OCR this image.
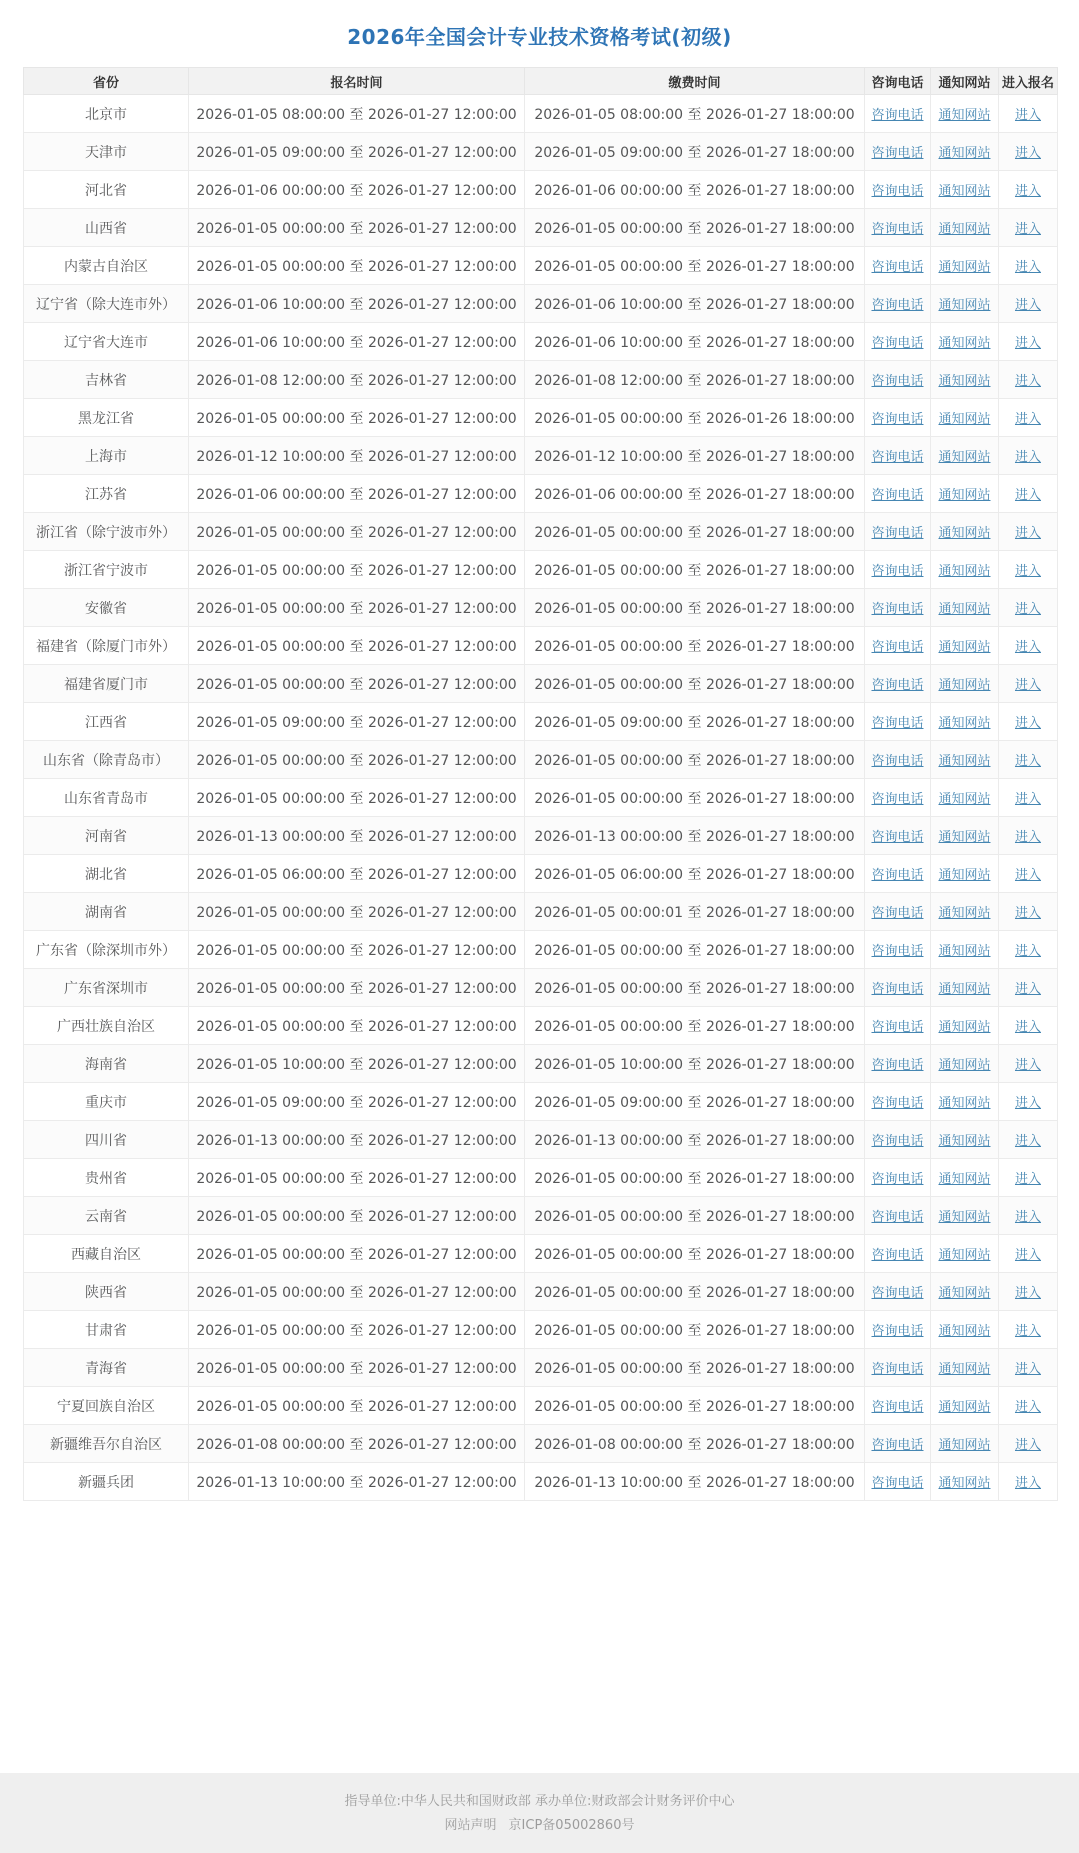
2026年全国会计专业技术资格考试(初级)
省份	报名时间	缴费时间	咨询电话	通知网站	进入报名
北京市	2026-01-05 08:00:00 至 2026-01-27 12:00:00	2026-01-05 08:00:00 至 2026-01-27 18:00:00	咨询电话	通知网站	进入
天津市	2026-01-05 09:00:00 至 2026-01-27 12:00:00	2026-01-05 09:00:00 至 2026-01-27 18:00:00	咨询电话	通知网站	进入
河北省	2026-01-06 00:00:00 至 2026-01-27 12:00:00	2026-01-06 00:00:00 至 2026-01-27 18:00:00	咨询电话	通知网站	进入
山西省	2026-01-05 00:00:00 至 2026-01-27 12:00:00	2026-01-05 00:00:00 至 2026-01-27 18:00:00	咨询电话	通知网站	进入
内蒙古自治区	2026-01-05 00:00:00 至 2026-01-27 12:00:00	2026-01-05 00:00:00 至 2026-01-27 18:00:00	咨询电话	通知网站	进入
辽宁省（除大连市外）	2026-01-06 10:00:00 至 2026-01-27 12:00:00	2026-01-06 10:00:00 至 2026-01-27 18:00:00	咨询电话	通知网站	进入
辽宁省大连市	2026-01-06 10:00:00 至 2026-01-27 12:00:00	2026-01-06 10:00:00 至 2026-01-27 18:00:00	咨询电话	通知网站	进入
吉林省	2026-01-08 12:00:00 至 2026-01-27 12:00:00	2026-01-08 12:00:00 至 2026-01-27 18:00:00	咨询电话	通知网站	进入
黑龙江省	2026-01-05 00:00:00 至 2026-01-27 12:00:00	2026-01-05 00:00:00 至 2026-01-26 18:00:00	咨询电话	通知网站	进入
上海市	2026-01-12 10:00:00 至 2026-01-27 12:00:00	2026-01-12 10:00:00 至 2026-01-27 18:00:00	咨询电话	通知网站	进入
江苏省	2026-01-06 00:00:00 至 2026-01-27 12:00:00	2026-01-06 00:00:00 至 2026-01-27 18:00:00	咨询电话	通知网站	进入
浙江省（除宁波市外）	2026-01-05 00:00:00 至 2026-01-27 12:00:00	2026-01-05 00:00:00 至 2026-01-27 18:00:00	咨询电话	通知网站	进入
浙江省宁波市	2026-01-05 00:00:00 至 2026-01-27 12:00:00	2026-01-05 00:00:00 至 2026-01-27 18:00:00	咨询电话	通知网站	进入
安徽省	2026-01-05 00:00:00 至 2026-01-27 12:00:00	2026-01-05 00:00:00 至 2026-01-27 18:00:00	咨询电话	通知网站	进入
福建省（除厦门市外）	2026-01-05 00:00:00 至 2026-01-27 12:00:00	2026-01-05 00:00:00 至 2026-01-27 18:00:00	咨询电话	通知网站	进入
福建省厦门市	2026-01-05 00:00:00 至 2026-01-27 12:00:00	2026-01-05 00:00:00 至 2026-01-27 18:00:00	咨询电话	通知网站	进入
江西省	2026-01-05 09:00:00 至 2026-01-27 12:00:00	2026-01-05 09:00:00 至 2026-01-27 18:00:00	咨询电话	通知网站	进入
山东省（除青岛市）	2026-01-05 00:00:00 至 2026-01-27 12:00:00	2026-01-05 00:00:00 至 2026-01-27 18:00:00	咨询电话	通知网站	进入
山东省青岛市	2026-01-05 00:00:00 至 2026-01-27 12:00:00	2026-01-05 00:00:00 至 2026-01-27 18:00:00	咨询电话	通知网站	进入
河南省	2026-01-13 00:00:00 至 2026-01-27 12:00:00	2026-01-13 00:00:00 至 2026-01-27 18:00:00	咨询电话	通知网站	进入
湖北省	2026-01-05 06:00:00 至 2026-01-27 12:00:00	2026-01-05 06:00:00 至 2026-01-27 18:00:00	咨询电话	通知网站	进入
湖南省	2026-01-05 00:00:00 至 2026-01-27 12:00:00	2026-01-05 00:00:01 至 2026-01-27 18:00:00	咨询电话	通知网站	进入
广东省（除深圳市外）	2026-01-05 00:00:00 至 2026-01-27 12:00:00	2026-01-05 00:00:00 至 2026-01-27 18:00:00	咨询电话	通知网站	进入
广东省深圳市	2026-01-05 00:00:00 至 2026-01-27 12:00:00	2026-01-05 00:00:00 至 2026-01-27 18:00:00	咨询电话	通知网站	进入
广西壮族自治区	2026-01-05 00:00:00 至 2026-01-27 12:00:00	2026-01-05 00:00:00 至 2026-01-27 18:00:00	咨询电话	通知网站	进入
海南省	2026-01-05 10:00:00 至 2026-01-27 12:00:00	2026-01-05 10:00:00 至 2026-01-27 18:00:00	咨询电话	通知网站	进入
重庆市	2026-01-05 09:00:00 至 2026-01-27 12:00:00	2026-01-05 09:00:00 至 2026-01-27 18:00:00	咨询电话	通知网站	进入
四川省	2026-01-13 00:00:00 至 2026-01-27 12:00:00	2026-01-13 00:00:00 至 2026-01-27 18:00:00	咨询电话	通知网站	进入
贵州省	2026-01-05 00:00:00 至 2026-01-27 12:00:00	2026-01-05 00:00:00 至 2026-01-27 18:00:00	咨询电话	通知网站	进入
云南省	2026-01-05 00:00:00 至 2026-01-27 12:00:00	2026-01-05 00:00:00 至 2026-01-27 18:00:00	咨询电话	通知网站	进入
西藏自治区	2026-01-05 00:00:00 至 2026-01-27 12:00:00	2026-01-05 00:00:00 至 2026-01-27 18:00:00	咨询电话	通知网站	进入
陕西省	2026-01-05 00:00:00 至 2026-01-27 12:00:00	2026-01-05 00:00:00 至 2026-01-27 18:00:00	咨询电话	通知网站	进入
甘肃省	2026-01-05 00:00:00 至 2026-01-27 12:00:00	2026-01-05 00:00:00 至 2026-01-27 18:00:00	咨询电话	通知网站	进入
青海省	2026-01-05 00:00:00 至 2026-01-27 12:00:00	2026-01-05 00:00:00 至 2026-01-27 18:00:00	咨询电话	通知网站	进入
宁夏回族自治区	2026-01-05 00:00:00 至 2026-01-27 12:00:00	2026-01-05 00:00:00 至 2026-01-27 18:00:00	咨询电话	通知网站	进入
新疆维吾尔自治区	2026-01-08 00:00:00 至 2026-01-27 12:00:00	2026-01-08 00:00:00 至 2026-01-27 18:00:00	咨询电话	通知网站	进入
新疆兵团	2026-01-13 10:00:00 至 2026-01-27 12:00:00	2026-01-13 10:00:00 至 2026-01-27 18:00:00	咨询电话	通知网站	进入
指导单位:中华人民共和国财政部 承办单位:财政部会计财务评价中心
网站声明 京ICP备05002860号
